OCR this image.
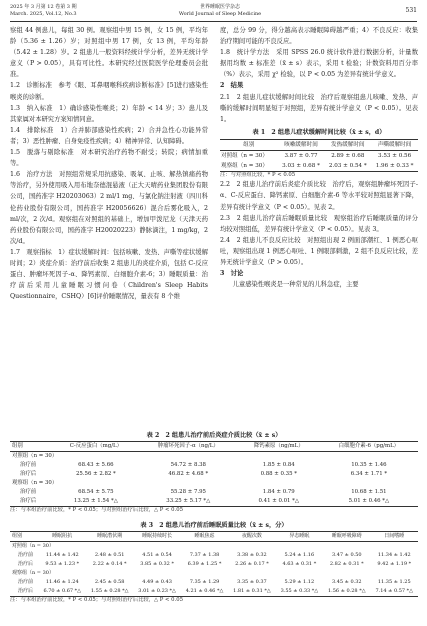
2025 年 3 月第 12 卷第 3 期
March. 2025, Vol.12, No.3
世界睡眠医学杂志
World Journal of Sleep Medicine	531

察组 44 例患儿，每组 30 例。观察组中男 15 例，女 15 例，平均年龄（5.36 ± 1.26）岁；对照组中男 17 例，女 13 例，平均年龄（5.42 ± 1.28）岁。2 组患儿一般资料经统计学分析，差异无统计学意义（P > 0.05），具有可比性。本研究经过医院医学伦理委员会批准。

1.2　诊断标准　参考《眼、耳鼻咽喉科疾病诊断标准》[5]进行感染性喉炎的诊断。

1.3　纳入标准　1）确诊感染性喉炎；2）年龄 < 14 岁；3）患儿及其家属对本研究方案知情同意。

1.4　排除标准　1）合并肺部感染性疾病；2）合并急性心功能异常者；3）恶性肿瘤、自身免疫性疾病；4）精神异常、认知障碍。

1.5　脱落与剔除标准　对本研究治疗药物不耐受；转院；病情加重等。

1.6　治疗方法　对照组常规采用抗感染、吸氧、止咳、解热镇痛药物等治疗，另外使用吸入用布地奈德混悬液（正大天晴药业集团股份有限公司，国药准字 H20203063）2 ml/1 mg、与氯化钠注射液（四川科伦药业股份有限公司，国药准字 H20056626）混合后雾化吸入，2 ml/次，2 次/d。观察组在对照组的基础上，增加甲泼尼龙（天津天药药业股份有限公司，国药准字 H20020223）静脉滴注，1 mg/kg，2 次/d。

1.7　观察指标　1）症状缓解时间：包括咳嗽、发热、声嘶等症状缓解时间；2）炎症介质：治疗前后收集 2 组患儿的炎症介质，包括 C-反应蛋白、肿瘤坏死因子-α、降钙素原、白细胞介素-6；3）睡眠质量：治疗前后采用儿童睡眠习惯问卷（Children's Sleep Habits Questionnaire，CSHQ）[6]评价睡眠情况，量表有 8 个维

度，总分 99 分，得分越高表示睡眠障碍越严重；4）不良反应：收集治疗期间可能的不良反应。

1.8　统计学方法　采用 SPSS 26.0 统计软件进行数据分析，计量数据用均数 ± 标准差（x̄ ± s）表示，采用 t 检验；计数资料用百分率（%）表示，采用 χ² 检验，以 P < 0.05 为差异有统计学意义。

2　结果

2.1　2 组患儿症状缓解时间比较　治疗后观察组患儿咳嗽、发热、声嘶的缓解时间明显短于对照组，差异有统计学意义（P < 0.05）。见表 1。

表 1　2 组患儿症状缓解时间比较（x̄ ± s，d）
组别	咳嗽缓解时间	发热缓解时间	声嘶缓解时间
对照组（n = 30）	3.87 ± 0.77	2.89 ± 0.68	3.53 ± 0.56
观察组（n = 30）	3.03 ± 0.68 *	2.03 ± 0.54 *	1.96 ± 0.33 *
注：与对照组比较，* P < 0.05

2.2　2 组患儿治疗前后炎症介质比较　治疗后，观察组肿瘤坏死因子-α、C-反应蛋白、降钙素原、白细胞介素-6 等水平较对照组显著下降，差异有统计学意义（P < 0.05）。见表 2。

2.3　2 组患儿治疗前后睡眠质量比较　观察组治疗后睡眠质量的评分均较对照组低，差异有统计学意义（P < 0.05）。见表 3。

2.4　2 组患儿不良反应比较　对照组出现 2 例面部潮红、1 例恶心呕吐，观察组出现 1 例恶心呕吐、1 例眼部刺激，2 组不良反应比较，差异无统计学意义（P > 0.05）。

3　讨论

　　儿童感染性喉炎是一种常见的儿科急症，主要

表 2　2 组患儿治疗前后炎症介质比较（x̄ ± s）
组别	C-反应蛋白（mg/L）	肿瘤坏死因子-α（ng/L）	降钙素原（ng/mL）	白细胞介素-6（pg/mL）
对照组（n = 30）				
治疗前	68.43 ± 5.66	54.72 ± 8.38	1.85 ± 0.84	10.35 ± 1.46
治疗后	25.56 ± 2.82 *	46.82 ± 4.68 *	0.88 ± 0.35 *	6.34 ± 1.71 *
观察组（n = 30）				
治疗前	68.54 ± 5.75	55.28 ± 7.95	1.84 ± 0.79	10.68 ± 1.51
治疗后	13.25 ± 1.54 *△	33.25 ± 5.17 *△	0.41 ± 0.01 *△	5.01 ± 0.46 *△
注：与本组治疗前比较，* P < 0.05；与对照组治疗后比较，△ P < 0.05
表 3　2 组患儿治疗前后睡眠质量比较（x̄ ± s，分）
组别	睡眠阻抗	睡眠潜伏期	睡眠持续时长	睡眠焦虑	夜醒次数	异态睡眠	睡眠呼吸障碍	日间嗜睡
对照组（n = 30）								
治疗前	11.44 ± 1.42	2.48 ± 0.51	4.51 ± 0.54	7.37 ± 1.38	3.38 ± 0.32	5.24 ± 1.16	3.47 ± 0.50	11.34 ± 1.42
治疗后	9.53 ± 1.23 *	2.22 ± 0.14 *	3.85 ± 0.32 *	6.39 ± 1.25 *	2.26 ± 0.17 *	4.63 ± 0.31 *	2.82 ± 0.31 *	9.42 ± 1.19 *
观察组（n = 30）								
治疗前	11.46 ± 1.24	2.45 ± 0.58	4.49 ± 0.43	7.35 ± 1.29	3.35 ± 0.37	5.29 ± 1.12	3.45 ± 0.32	11.35 ± 1.25
治疗后	6.70 ± 0.67 *△	1.55 ± 0.28 *△	3.01 ± 0.23 *△	4.21 ± 0.46 *△	1.81 ± 0.31 *△	3.55 ± 0.33 *△	1.56 ± 0.28 *△	7.14 ± 0.57 *△
注：与本组治疗前比较，* P < 0.05；与对照组治疗后比较，△ P < 0.05
